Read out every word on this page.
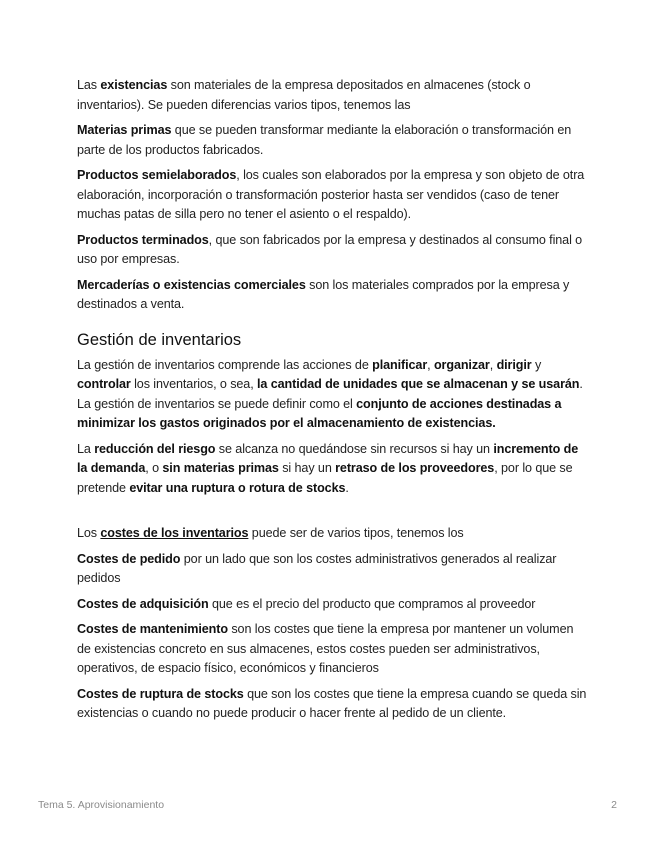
Las existencias son materiales de la empresa depositados en almacenes (stock o inventarios). Se pueden diferencias varios tipos, tenemos las

Materias primas que se pueden transformar mediante la elaboración o transformación en parte de los productos fabricados.

Productos semielaborados, los cuales son elaborados por la empresa y son objeto de otra elaboración, incorporación o transformación posterior hasta ser vendidos (caso de tener muchas patas de silla pero no tener el asiento o el respaldo).

Productos terminados, que son fabricados por la empresa y destinados al consumo final o uso por empresas.

Mercaderías o existencias comerciales son los materiales comprados por la empresa y destinados a venta.

Gestión de inventarios

La gestión de inventarios comprende las acciones de planificar, organizar, dirigir y controlar los inventarios, o sea, la cantidad de unidades que se almacenan y se usarán. La gestión de inventarios se puede definir como el conjunto de acciones destinadas a minimizar los gastos originados por el almacenamiento de existencias.

La reducción del riesgo se alcanza no quedándose sin recursos si hay un incremento de la demanda, o sin materias primas si hay un retraso de los proveedores, por lo que se pretende evitar una ruptura o rotura de stocks.

Los costes de los inventarios puede ser de varios tipos, tenemos los

Costes de pedido por un lado que son los costes administrativos generados al realizar pedidos

Costes de adquisición que es el precio del producto que compramos al proveedor

Costes de mantenimiento son los costes que tiene la empresa por mantener un volumen de existencias concreto en sus almacenes, estos costes pueden ser administrativos, operativos, de espacio físico, económicos y financieros

Costes de ruptura de stocks que son los costes que tiene la empresa cuando se queda sin existencias o cuando no puede producir o hacer frente al pedido de un cliente.

Tema 5. Aprovisionamiento	2
